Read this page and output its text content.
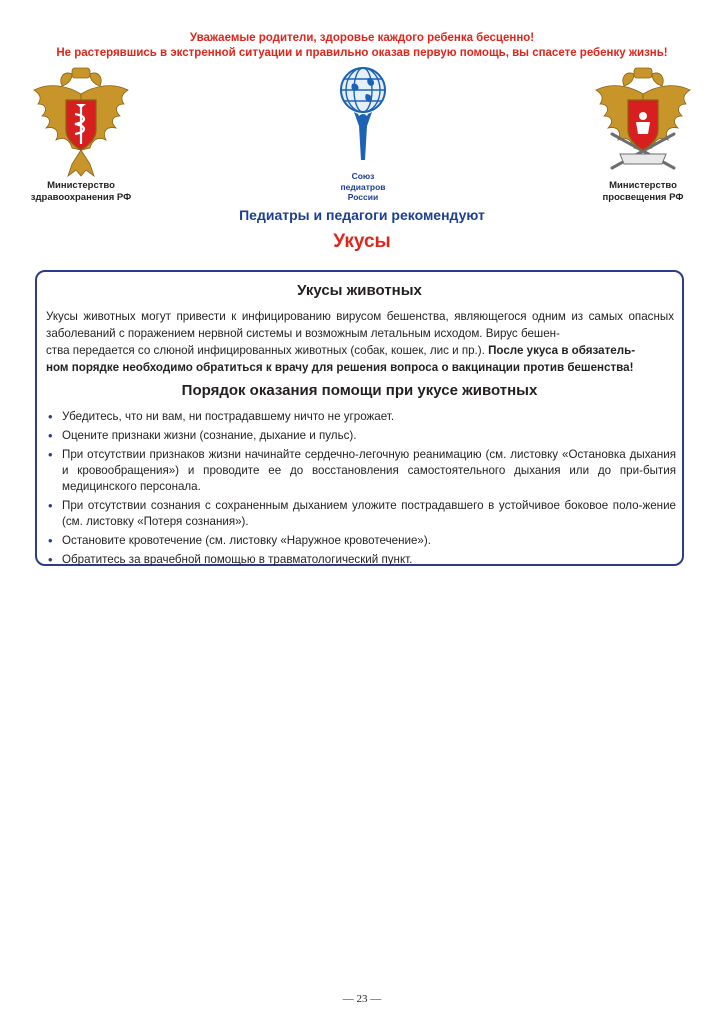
Уважаемые родители, здоровье каждого ребенка бесценно!
Не растерявшись в экстренной ситуации и правильно оказав первую помощь, вы спасете ребенку жизнь!
Министерство
здравоохранения РФ
Союз
педиатров
России
Министерство
просвещения РФ
Педиатры и педагоги рекомендуют
Укусы
Укусы животных
Укусы животных могут привести к инфицированию вирусом бешенства, являющегося одним из самых опасных заболеваний с поражением нервной системы и возможным летальным исходом. Вирус бешен-
ства передается со слюной инфицированных животных (собак, кошек, лис и пр.). После укуса в обязатель-
ном порядке необходимо обратиться к врачу для решения вопроса о вакцинации против бешенства!
Порядок оказания помощи при укусе животных
• Убедитесь, что ни вам, ни пострадавшему ничто не угрожает.
• Оцените признаки жизни (сознание, дыхание и пульс).
• При отсутствии признаков жизни начинайте сердечно-легочную реанимацию (см. листовку «Остановка дыхания и кровообращения») и проводите ее до восстановления самостоятельного дыхания или до при-бытия медицинского персонала.
• При отсутствии сознания с сохраненным дыханием уложите пострадавшего в устойчивое боковое поло-жение (см. листовку «Потеря сознания»).
• Остановите кровотечение (см. листовку «Наружное кровотечение»).
• Обратитесь за врачебной помощью в травматологический пункт.
— 23 —
